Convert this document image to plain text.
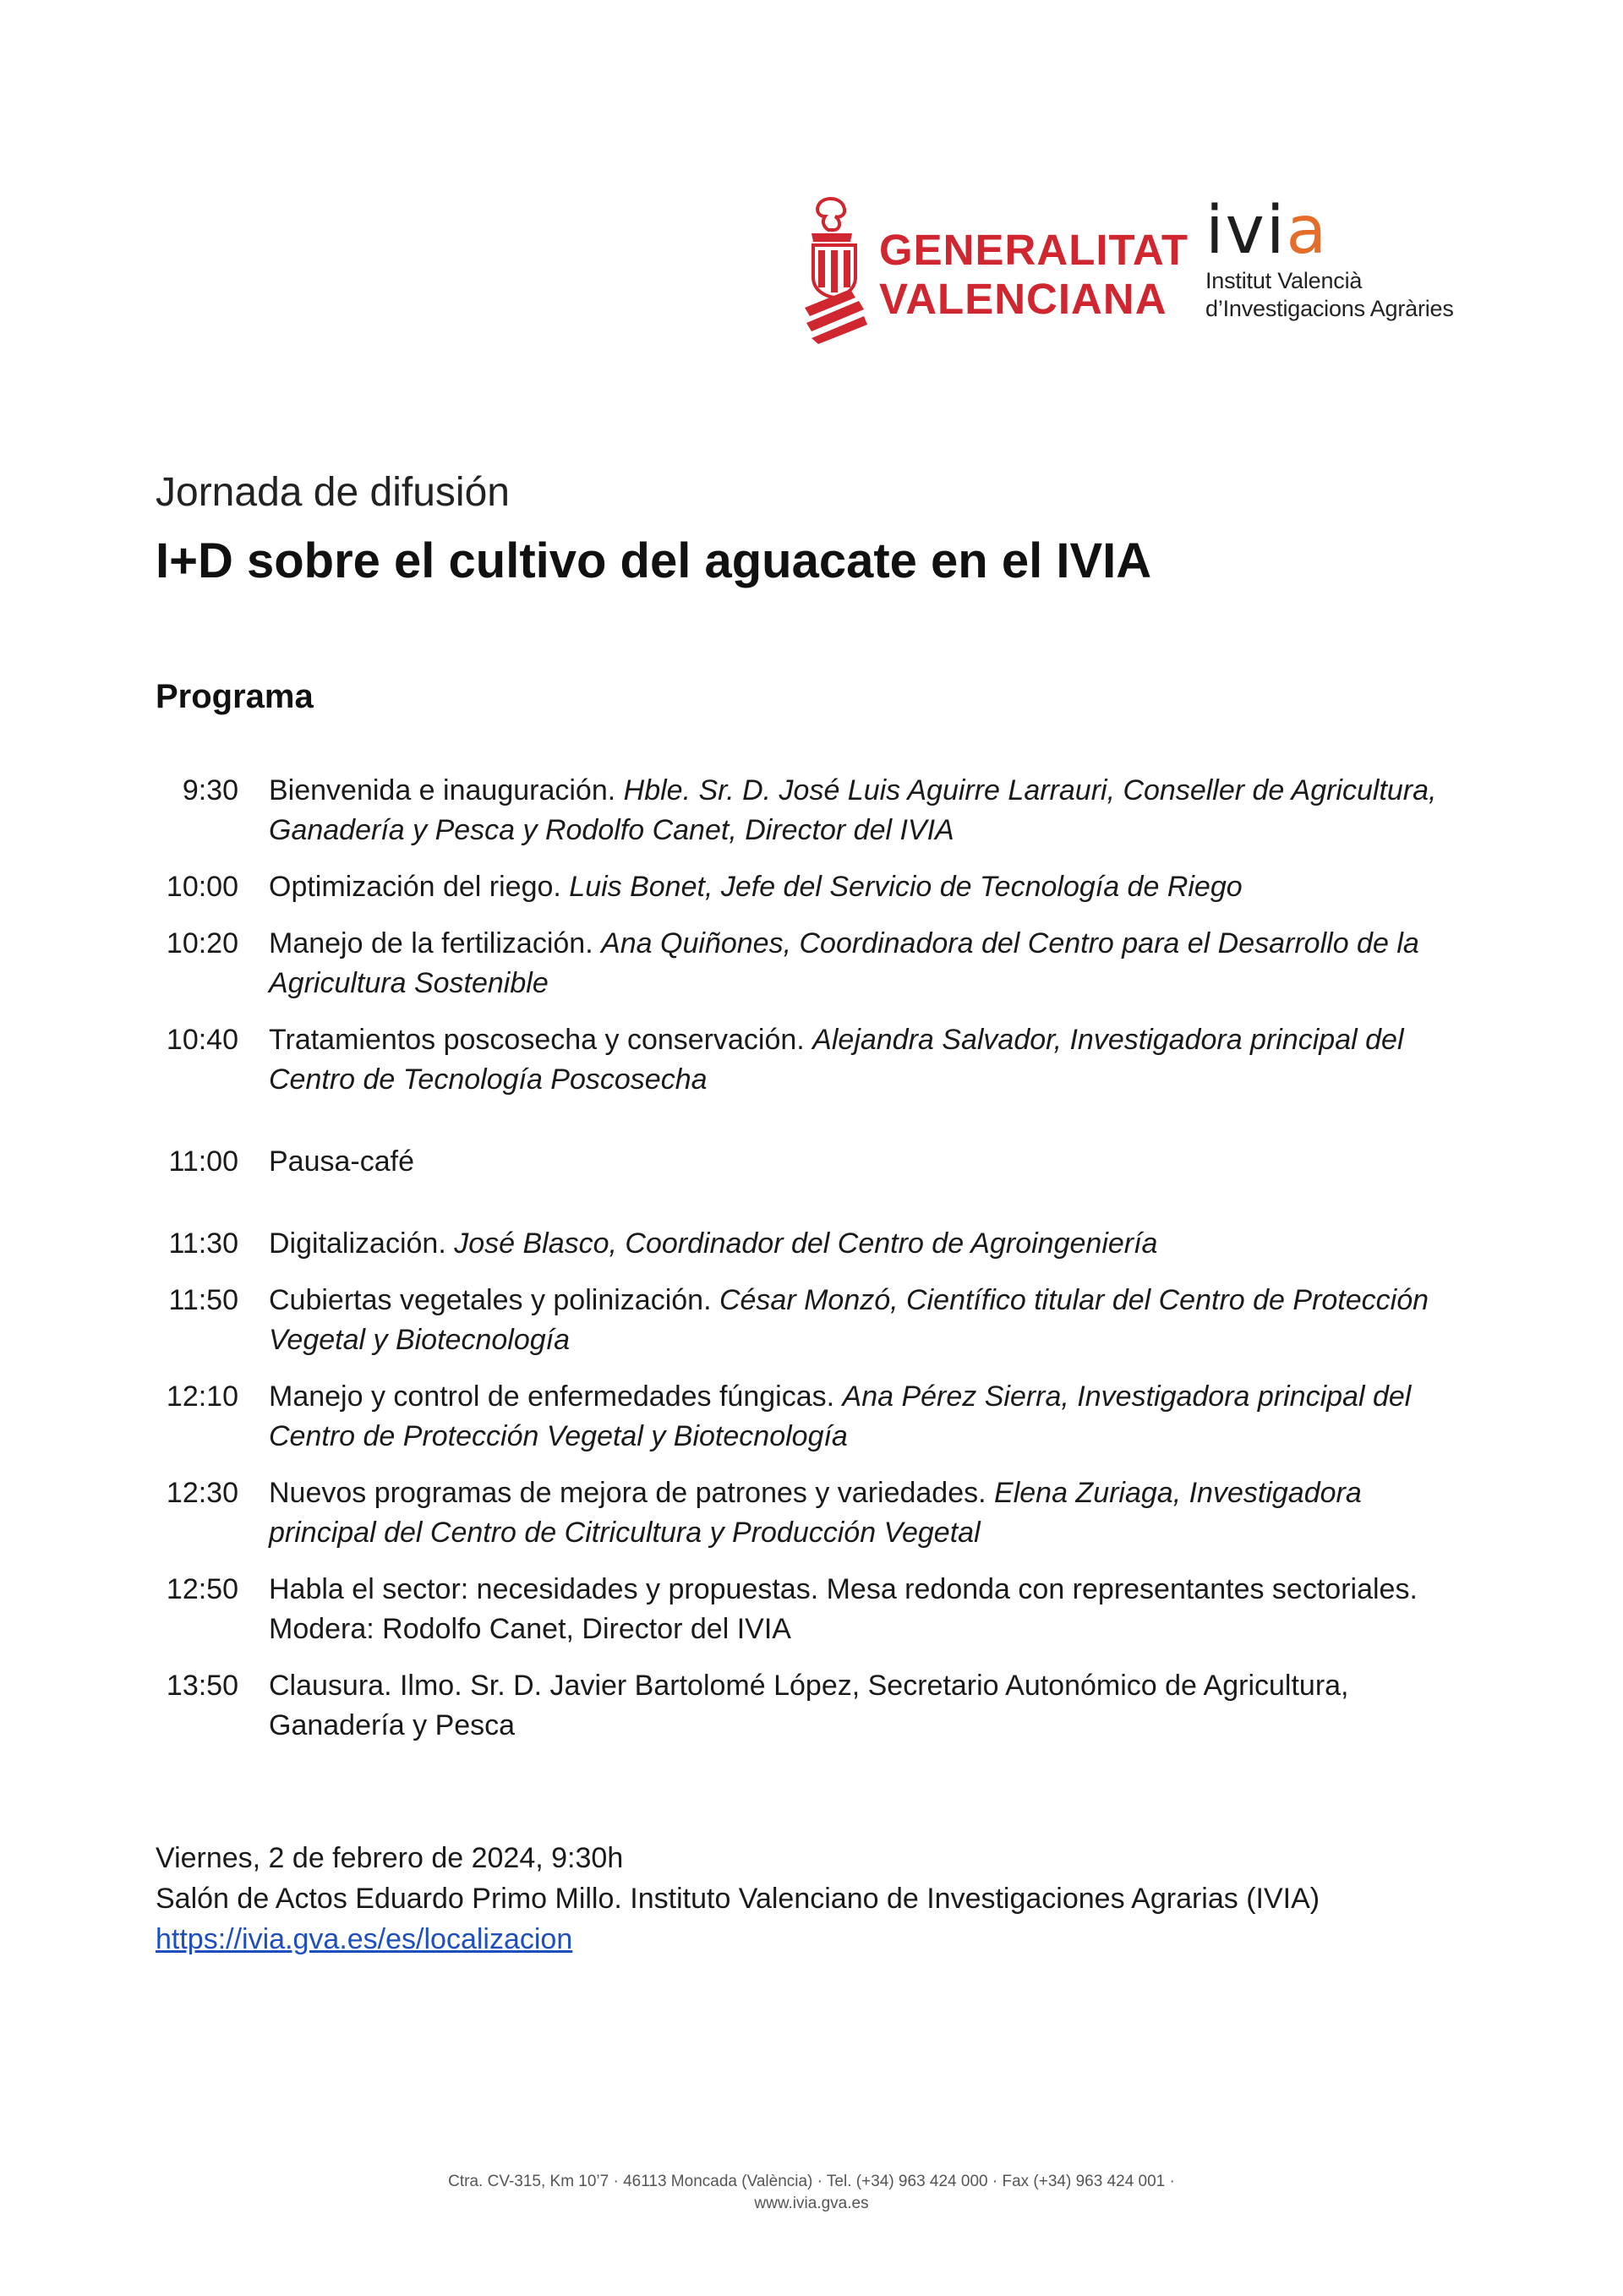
GENERALITAT
VALENCIANA
ivia
Institut Valencià
d’Investigacions Agràries
Jornada de difusión
I+D sobre el cultivo del aguacate en el IVIA
Programa
9:30 Bienvenida e inauguración. Hble. Sr. D. José Luis Aguirre Larrauri, Conseller de Agricultura,
Ganadería y Pesca y Rodolfo Canet, Director del IVIA
10:00 Optimización del riego. Luis Bonet, Jefe del Servicio de Tecnología de Riego
10:20 Manejo de la fertilización. Ana Quiñones, Coordinadora del Centro para el Desarrollo de la
Agricultura Sostenible
10:40 Tratamientos poscosecha y conservación. Alejandra Salvador, Investigadora principal del
Centro de Tecnología Poscosecha
11:00 Pausa-café
11:30 Digitalización. José Blasco, Coordinador del Centro de Agroingeniería
11:50 Cubiertas vegetales y polinización. César Monzó, Científico titular del Centro de Protección
Vegetal y Biotecnología
12:10 Manejo y control de enfermedades fúngicas. Ana Pérez Sierra, Investigadora principal del
Centro de Protección Vegetal y Biotecnología
12:30 Nuevos programas de mejora de patrones y variedades. Elena Zuriaga, Investigadora
principal del Centro de Citricultura y Producción Vegetal
12:50 Habla el sector: necesidades y propuestas. Mesa redonda con representantes sectoriales.
Modera: Rodolfo Canet, Director del IVIA
13:50 Clausura. Ilmo. Sr. D. Javier Bartolomé López, Secretario Autonómico de Agricultura,
Ganadería y Pesca
Viernes, 2 de febrero de 2024, 9:30h
Salón de Actos Eduardo Primo Millo. Instituto Valenciano de Investigaciones Agrarias (IVIA)
https://ivia.gva.es/es/localizacion
Ctra. CV-315, Km 10’7 · 46113 Moncada (València) · Tel. (+34) 963 424 000 · Fax (+34) 963 424 001 ·
www.ivia.gva.es
